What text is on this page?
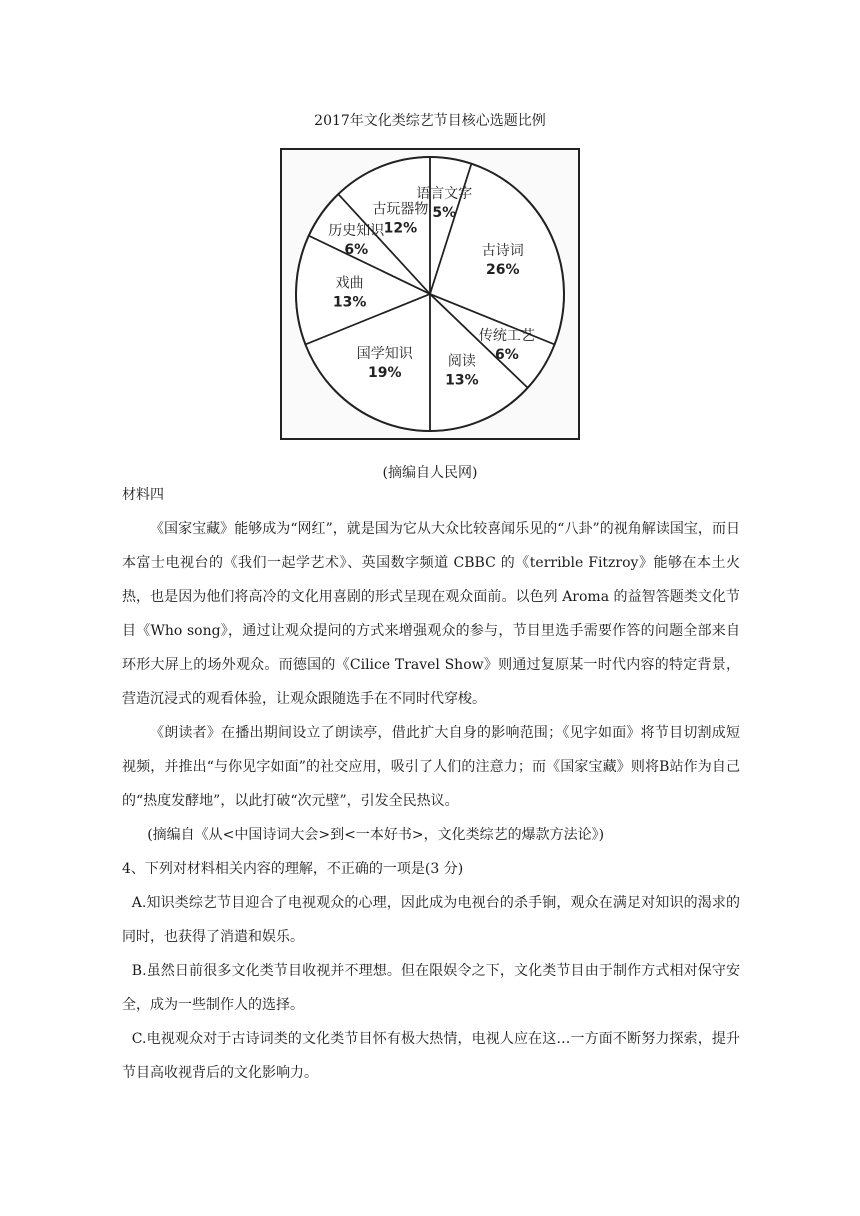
2017年文化类综艺节目核心选题比例
语言文字
5%
古诗词
26%
传统工艺
6%
阅读
13%
国学知识
19%
戏曲
13%
历史知识
6%
古玩器物
12%
(摘编自人民网)

材料四

《国家宝藏》能够成为“网红”，就是国为它从大众比较喜闻乐见的“八卦”的视角解读国宝，而日本富士电视台的《我们一起学艺术》、英国数字频道 CBBC 的《terrible Fitzroy》能够在本土火热，也是因为他们将高冷的文化用喜剧的形式呈现在观众面前。以色列 Aroma 的益智答题类文化节目《Who song》，通过让观众提问的方式来增强观众的参与，节目里选手需要作答的问题全部来自环形大屏上的场外观众。而德国的《Cilice Travel Show》则通过复原某一时代内容的特定背景，营造沉浸式的观看体验，让观众跟随选手在不同时代穿梭。

《朗读者》在播出期间设立了朗读亭，借此扩大自身的影响范围；《见字如面》将节目切割成短视频，并推出“与你见字如面”的社交应用，吸引了人们的注意力；而《国家宝藏》则将B站作为自己的“热度发酵地”，以此打破“次元壁”，引发全民热议。

(摘编自《从<中国诗词大会>到<一本好书>，文化类综艺的爆款方法论》)

4、下列对材料相关内容的理解，不正确的一项是(3 分)

A.知识类综艺节目迎合了电视观众的心理，因此成为电视台的杀手锏，观众在满足对知识的渴求的同时，也获得了消遣和娱乐。

B.虽然日前很多文化类节目收视并不理想。但在限娱令之下，文化类节目由于制作方式相对保守安全，成为一些制作人的选择。

C.电视观众对于古诗词类的文化类节目怀有极大热情，电视人应在这…一方面不断努力探索，提升节目高收视背后的文化影响力。
